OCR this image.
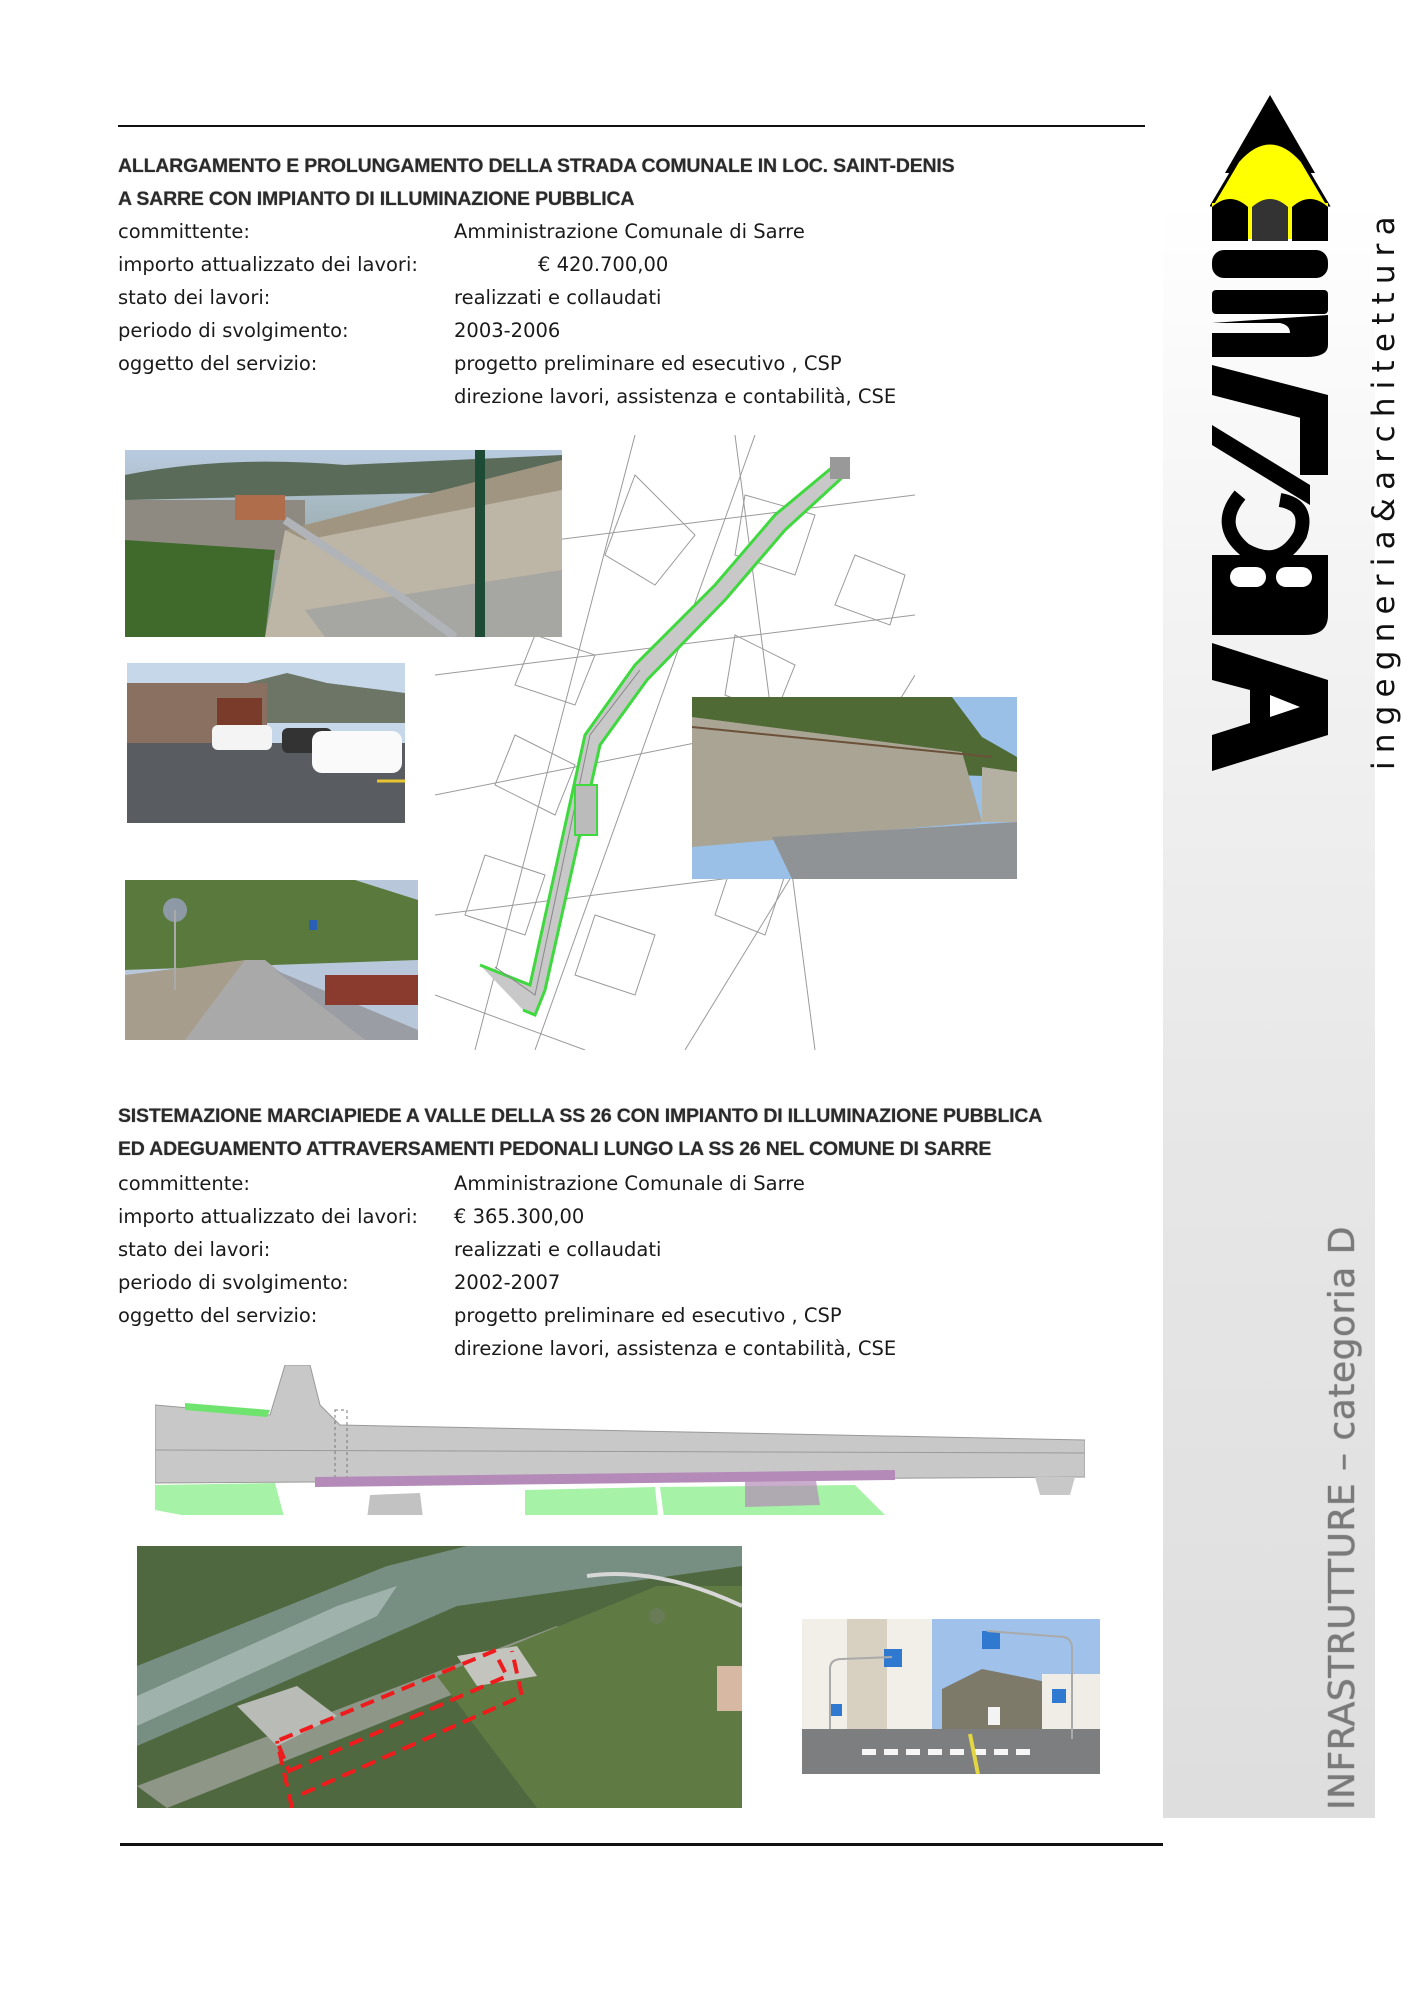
ingegneria&architettura
INFRASTRUTTURE – categoria D
ALLARGAMENTO E PROLUNGAMENTO DELLA STRADA COMUNALE IN LOC. SAINT-DENIS
A SARRE CON IMPIANTO DI ILLUMINAZIONE PUBBLICA
committente:	Amministrazione Comunale di Sarre
importo attualizzato dei lavori:	€ 420.700,00
stato dei lavori:	realizzati e collaudati
periodo di svolgimento:	2003-2006
oggetto del servizio:	progetto preliminare ed esecutivo , CSP
direzione lavori, assistenza e contabilità, CSE
SISTEMAZIONE MARCIAPIEDE A VALLE DELLA SS 26 CON IMPIANTO DI ILLUMINAZIONE PUBBLICA
ED ADEGUAMENTO ATTRAVERSAMENTI PEDONALI LUNGO LA SS 26 NEL COMUNE DI SARRE
committente:	Amministrazione Comunale di Sarre
importo attualizzato dei lavori: € 365.300,00
stato dei lavori:	realizzati e collaudati
periodo di svolgimento:	2002-2007
oggetto del servizio:	progetto preliminare ed esecutivo , CSP
direzione lavori, assistenza e contabilità, CSE
